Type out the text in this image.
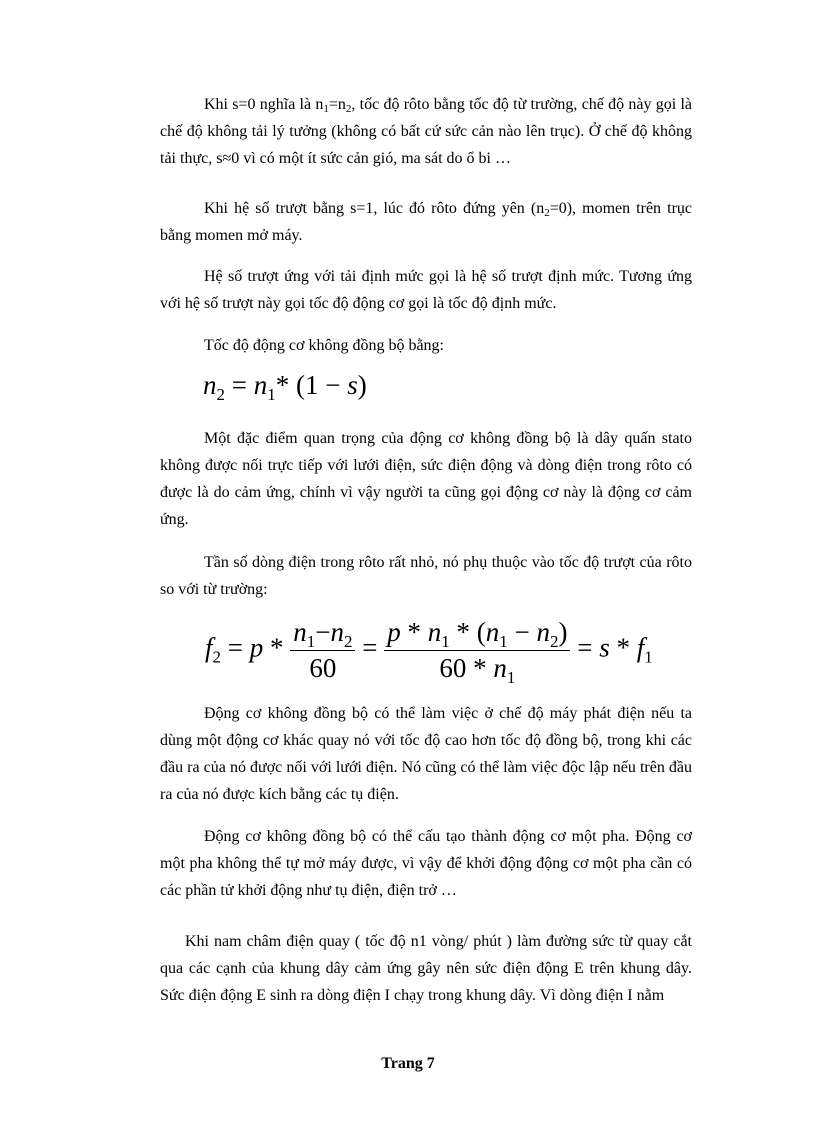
Khi s=0 nghĩa là $n_1=n_2$, tốc độ rôto bằng tốc độ từ trường, chế độ này gọi là chế độ không tải lý tưởng (không có bất cứ sức cản nào lên trục). Ở chế độ không tải thực, s≈0 vì có một ít sức cản gió, ma sát do ổ bi …

Khi hệ số trượt bằng s=1, lúc đó rôto đứng yên $(n_2=0)$, momen trên trục bằng momen mở máy.

Hệ số trượt ứng với tải định mức gọi là hệ số trượt định mức. Tương ứng với hệ số trượt này gọi tốc độ động cơ gọi là tốc độ định mức.

Tốc độ động cơ không đồng bộ bằng:

$n_2 = n_1*$ (1 − s)

Một đặc điểm quan trọng của động cơ không đồng bộ là dây quấn stato không được nối trực tiếp với lưới điện, sức điện động và dòng điện trong rôto có được là do cảm ứng, chính vì vậy người ta cũng gọi động cơ này là động cơ cảm ứng.

Tần số dòng điện trong rôto rất nhỏ, nó phụ thuộc vào tốc độ trượt của rôto so với từ trường:

$f_2 = p * \frac{n_1-n_2}{60} = \frac{p * n_1 * (n_1 - n_2)}{60 * n_1} = s * f_1$

Động cơ không đồng bộ có thể làm việc ở chế độ máy phát điện nếu ta dùng một động cơ khác quay nó với tốc độ cao hơn tốc độ đồng bộ, trong khi các đầu ra của nó được nối với lưới điện. Nó cũng có thể làm việc độc lập nếu trên đầu ra của nó được kích bằng các tụ điện.

Động cơ không đồng bộ có thể cấu tạo thành động cơ một pha. Động cơ một pha không thể tự mở máy được, vì vậy để khởi động động cơ một pha cần có các phần tử khởi động như tụ điện, điện trở …

Khi nam châm điện quay ( tốc độ n1 vòng/ phút ) làm đường sức từ quay cắt qua các cạnh của khung dây cảm ứng gây nên sức điện động E trên khung dây. Sức điện động E sinh ra dòng điện I chạy trong khung dây. Vì dòng điện I nằm

Trang 7
